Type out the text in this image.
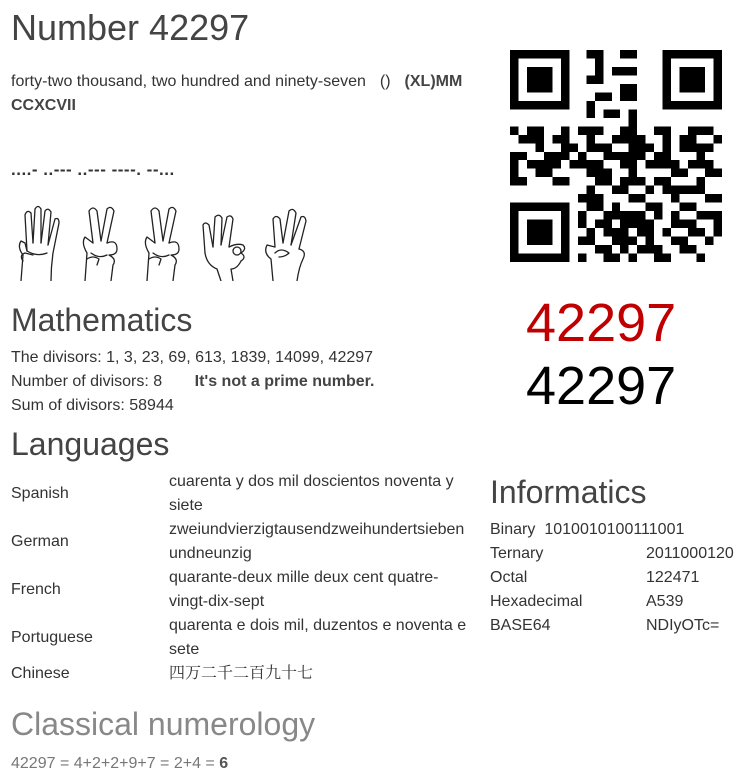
Number 42297
forty-two thousand, two hundred and ninety-seven () (XL)MM CCXCVII
....- ..--- ..--- ----. --...
42297
42297
Mathematics
The divisors: 1, 3, 23, 69, 613, 1839, 14099, 42297
Number of divisors: 8 It's not a prime number.
Sum of divisors: 58944
Languages
Spanish	cuarenta y dos mil doscientos noventa y siete
German	zweiundvierzigtausendzweihundertsieben undneunzig
French	quarante-deux mille deux cent quatre-vingt-dix-sept
Portuguese	quarenta e dois mil, duzentos e noventa e sete
Chinese	四万二千二百九十七
Informatics
Binary 1010010100111001
Ternary	2011000120
Octal	122471
Hexadecimal	A539
BASE64	NDIyOTc=
Classical numerology
42297 = 4+2+2+9+7 = 2+4 = 6
